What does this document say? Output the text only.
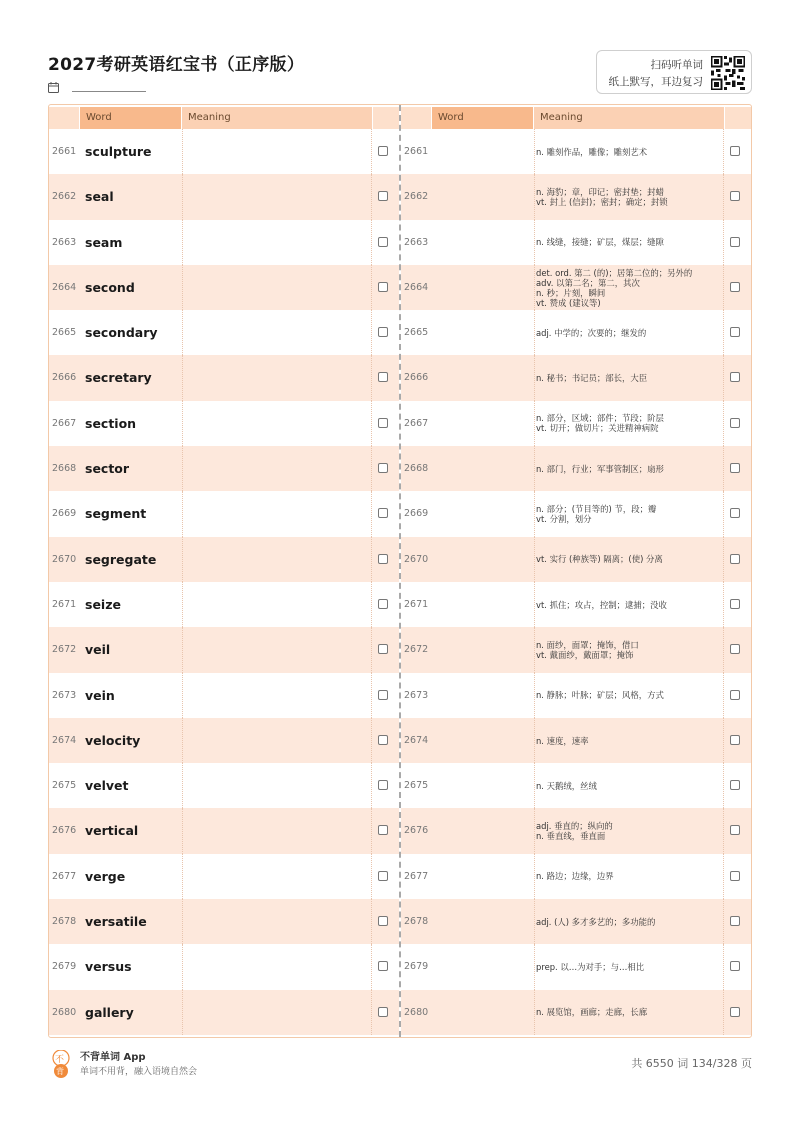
2027考研英语红宝书（正序版）	扫码听单词
纸上默写，耳边复习
Word	Meaning
2661 sculpture
2662 seal
2663 seam
2664 second
2665 secondary
2666 secretary
2667 section
2668 sector
2669 segment
2670 segregate
2671 seize
2672 veil
2673 vein
2674 velocity
2675 velvet
2676 vertical
2677 verge
2678 versatile
2679 versus
2680 gallery
Word	Meaning
2661	n. 雕刻作品，雕像；雕刻艺术
2662	n. 海豹；章，印记；密封垫；封蜡
vt. 封上 (信封)；密封；确定；封锁
2663	n. 线缝，接缝；矿层，煤层；缝隙
2664
det. ord. 第二 (的)；居第二位的；另外的
adv. 以第二名；第二，其次
n. 秒；片刻，瞬间
vt. 赞成 (建议等)
2665	adj. 中学的；次要的；继发的
2666	n. 秘书；书记员；部长，大臣
2667	n. 部分，区域；部件；节段；阶层
vt. 切开；做切片；关进精神病院
2668	n. 部门，行业；军事管制区；扇形
2669	n. 部分；(节目等的) 节，段；瓣
vt. 分割，划分
2670	vt. 实行 (种族等) 隔离；(使) 分离
2671	vt. 抓住；攻占，控制；逮捕；没收
2672	n. 面纱，面罩；掩饰，借口
vt. 戴面纱，戴面罩；掩饰
2673	n. 静脉；叶脉；矿层；风格，方式
2674	n. 速度，速率
2675	n. 天鹅绒，丝绒
2676	adj. 垂直的；纵向的
n. 垂直线，垂直面
2677	n. 路边；边缘，边界
2678	adj. (人) 多才多艺的；多功能的
2679	prep. 以…为对手；与…相比
2680	n. 展览馆，画廊；走廊，长廊
不
背
不背单词 App
单词不用背，融入语境自然会
共 6550 词 134/328 页
